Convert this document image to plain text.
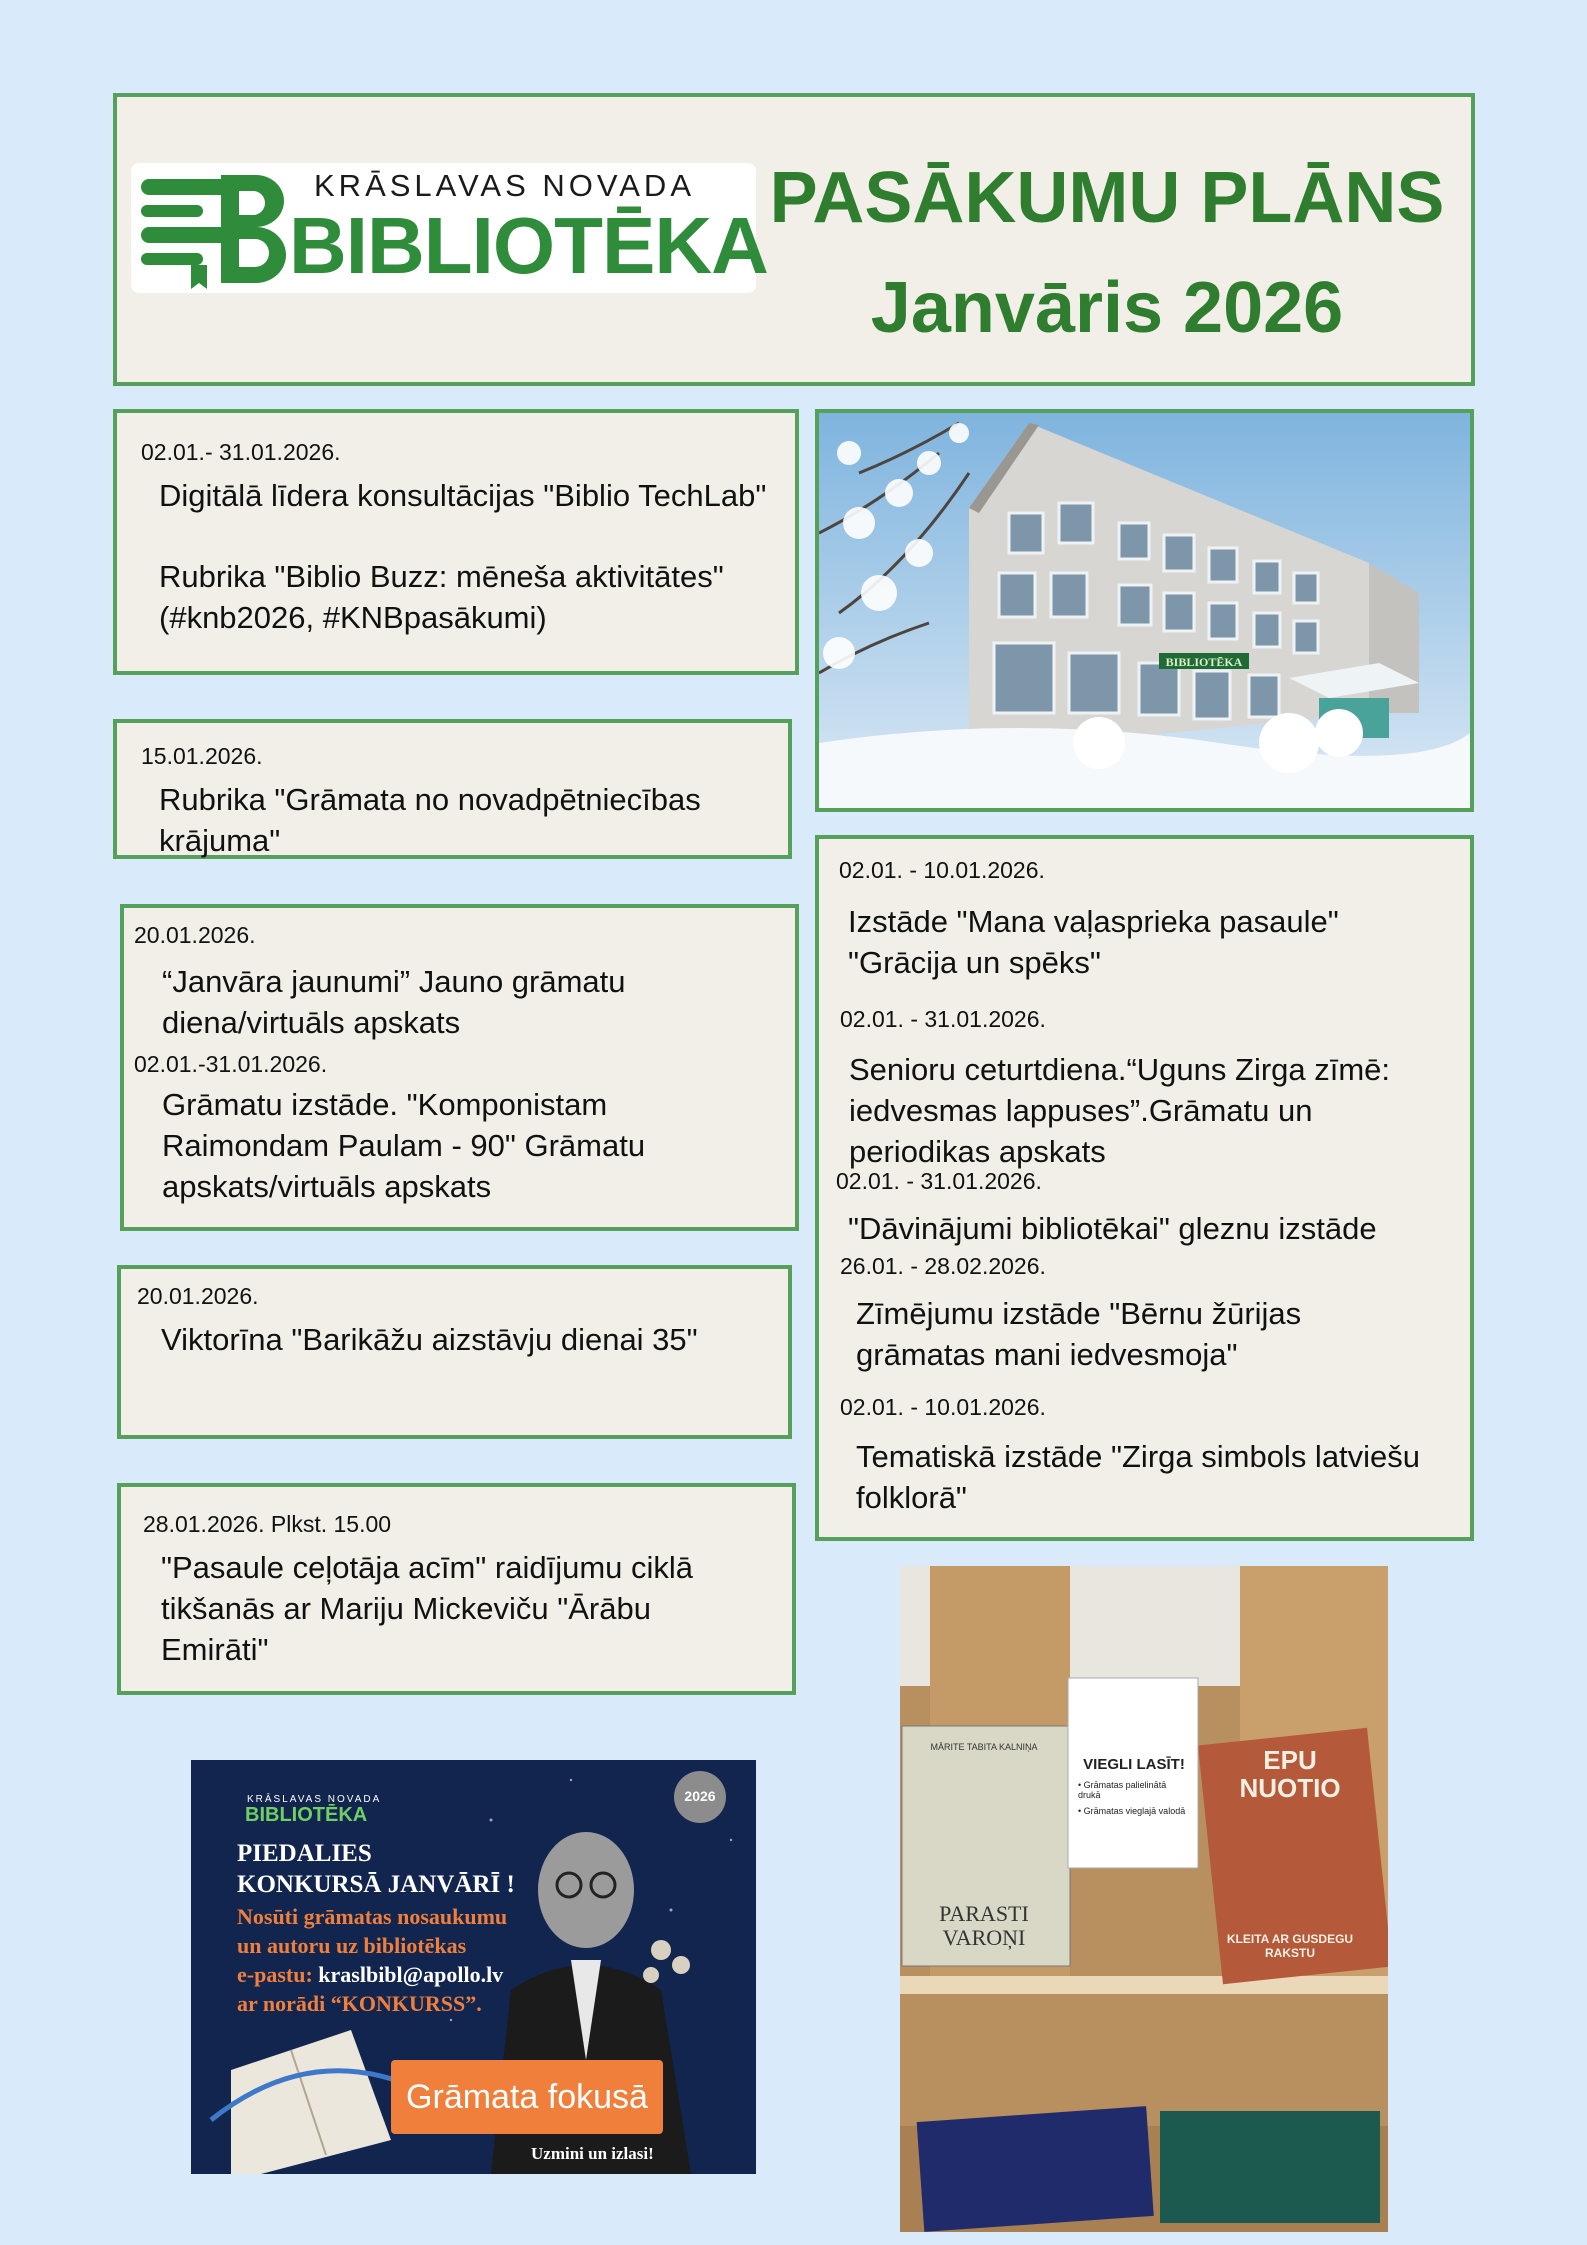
KRĀSLAVAS NOVADA
BIBLIOTĒKA
PASĀKUMU PLĀNS
Janvāris 2026
02.01.- 31.01.2026.
Digitālā līdera konsultācijas "Biblio TechLab"
Rubrika "Biblio Buzz: mēneša aktivitātes"
(#knb2026, #KNBpasākumi)
15.01.2026.
Rubrika "Grāmata no novadpētniecības
krājuma"
20.01.2026.
“Janvāra jaunumi” Jauno grāmatu
diena/virtuāls apskats
02.01.-31.01.2026.
Grāmatu izstāde. "Komponistam
Raimondam Paulam - 90" Grāmatu
apskats/virtuāls apskats
20.01.2026.
Viktorīna "Barikāžu aizstāvju dienai 35"
28.01.2026. Plkst. 15.00
"Pasaule ceļotāja acīm" raidījumu ciklā
tikšanās ar Mariju Mickeviču "Ārābu
Emirāti"
BIBLIOTĒKA
02.01. - 10.01.2026.
Izstāde "Mana vaļasprieka pasaule"
"Grācija un spēks"
02.01. - 31.01.2026.
Senioru ceturtdiena.“Uguns Zirga zīmē:
iedvesmas lappuses”.Grāmatu un
periodikas apskats
02.01. - 31.01.2026.
"Dāvinājumi bibliotēkai" gleznu izstāde
26.01. - 28.02.2026.
Zīmējumu izstāde "Bērnu žūrijas
grāmatas mani iedvesmoja"
02.01. - 10.01.2026.
Tematiskā izstāde "Zirga simbols latviešu
folklorā"
KRĀSLAVAS NOVADA
BIBLIOTĒKA
2026
PIEDALIES
KONKURSĀ JANVĀRĪ !
Nosūti grāmatas nosaukumu
un autoru uz bibliotēkas
e-pastu: kraslbibl@apollo.lv
ar norādi “KONKURSS”.
Grāmata fokusā
Uzmini un izlasi!
VIEGLI LASĪT!
• Grāmatas palielinātā drukā
• Grāmatas vieglajā valodā
MĀRITE TABITA KALNIŅA
PARASTI VAROŅI
EPU NUOTIO
KLEITA AR GUSDEGU RAKSTU
